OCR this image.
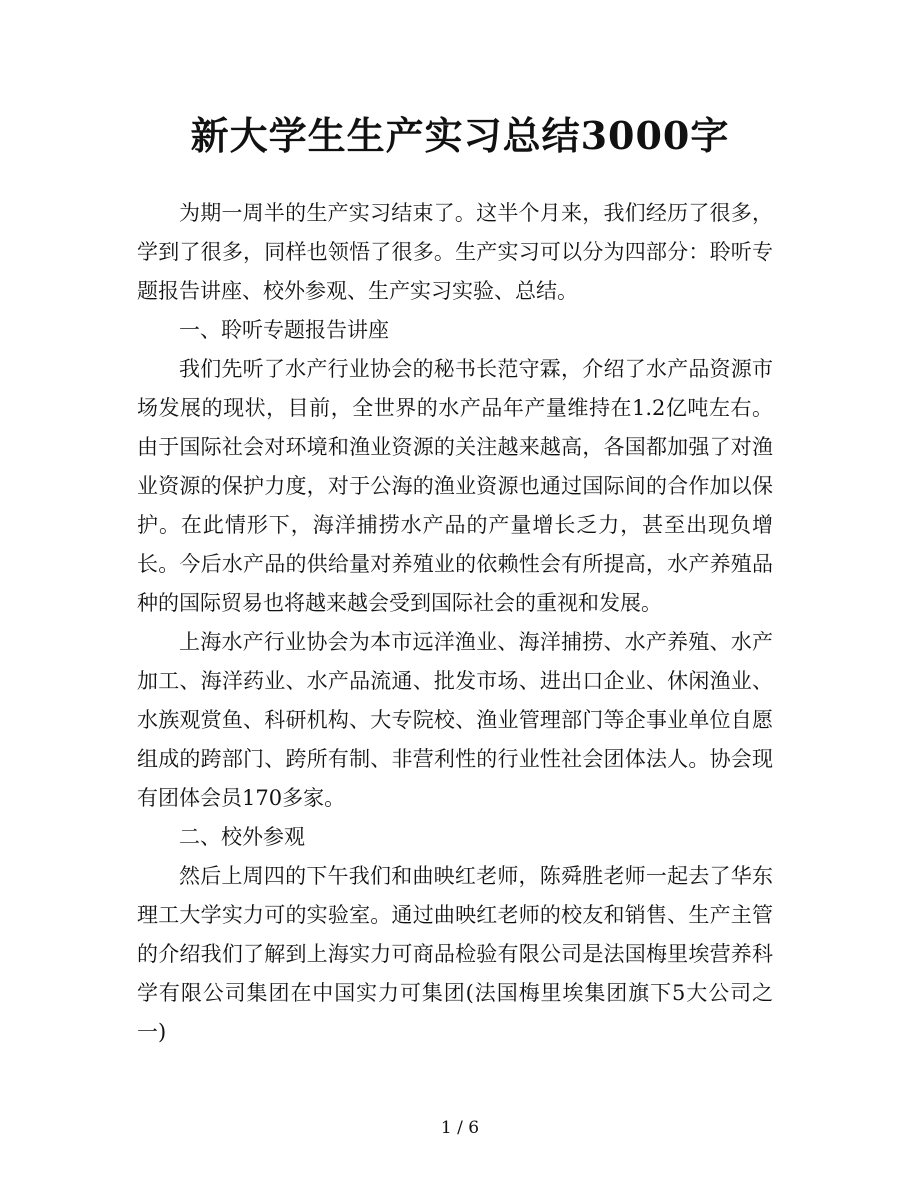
新大学生生产实习总结3000字

为期一周半的生产实习结束了。这半个月来，我们经历了很多，学到了很多，同样也领悟了很多。生产实习可以分为四部分：聆听专题报告讲座、校外参观、生产实习实验、总结。

一、聆听专题报告讲座

我们先听了水产行业协会的秘书长范守霖，介绍了水产品资源市场发展的现状，目前，全世界的水产品年产量维持在1.2亿吨左右。由于国际社会对环境和渔业资源的关注越来越高，各国都加强了对渔业资源的保护力度，对于公海的渔业资源也通过国际间的合作加以保护。在此情形下，海洋捕捞水产品的产量增长乏力，甚至出现负增长。今后水产品的供给量对养殖业的依赖性会有所提高，水产养殖品种的国际贸易也将越来越会受到国际社会的重视和发展。

上海水产行业协会为本市远洋渔业、海洋捕捞、水产养殖、水产加工、海洋药业、水产品流通、批发市场、进出口企业、休闲渔业、水族观赏鱼、科研机构、大专院校、渔业管理部门等企事业单位自愿组成的跨部门、跨所有制、非营利性的行业性社会团体法人。协会现有团体会员170多家。

二、校外参观

然后上周四的下午我们和曲映红老师，陈舜胜老师一起去了华东理工大学实力可的实验室。通过曲映红老师的校友和销售、生产主管的介绍我们了解到上海实力可商品检验有限公司是法国梅里埃营养科学有限公司集团在中国实力可集团(法国梅里埃集团旗下5大公司之一)

1 / 6
